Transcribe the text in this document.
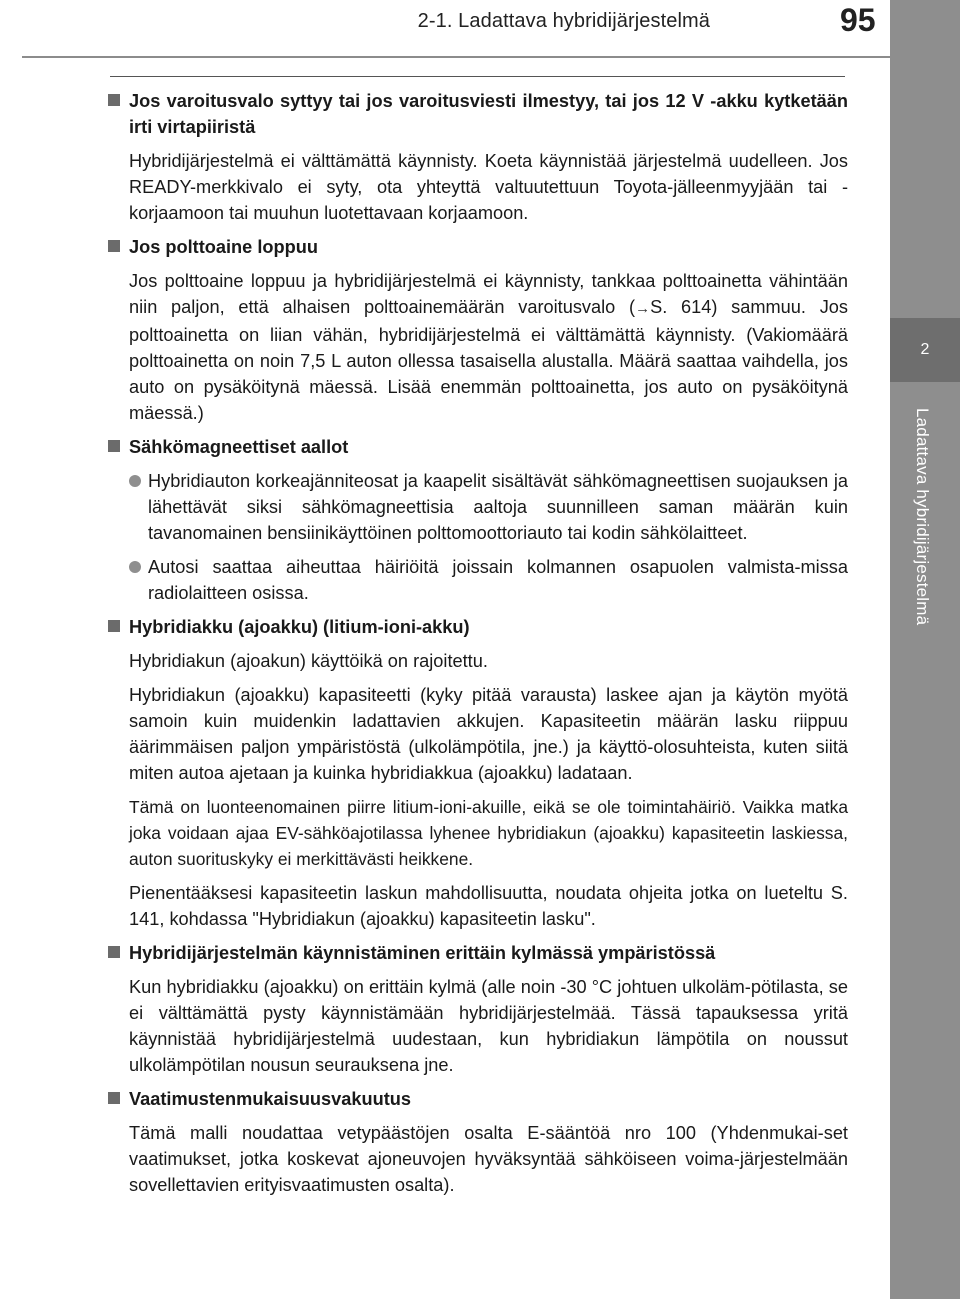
2-1. Ladattava hybridijärjestelmä	95
2
Ladattava hybridijärjestelmä
Jos varoitusvalo syttyy tai jos varoitusviesti ilmestyy, tai jos 12 V -akku kytketään irti virtapiiristä

Hybridijärjestelmä ei välttämättä käynnisty. Koeta käynnistää järjestelmä uudelleen. Jos READY-merkkivalo ei syty, ota yhteyttä valtuutettuun Toyota-jälleenmyyjään tai -korjaamoon tai muuhun luotettavaan korjaamoon.

Jos polttoaine loppuu

Jos polttoaine loppuu ja hybridijärjestelmä ei käynnisty, tankkaa polttoainetta vähintään niin paljon, että alhaisen polttoainemäärän varoitusvalo (→S. 614) sammuu. Jos polttoainetta on liian vähän, hybridijärjestelmä ei välttämättä käynnisty. (Vakiomäärä polttoainetta on noin 7,5 L auton ollessa tasaisella alustalla. Määrä saattaa vaihdella, jos auto on pysäköitynä mäessä. Lisää enemmän polttoainetta, jos auto on pysäköitynä mäessä.)

Sähkömagneettiset aallot
Hybridiauton korkeajänniteosat ja kaapelit sisältävät sähkömagneettisen suojauksen ja lähettävät siksi sähkömagneettisia aaltoja suunnilleen saman määrän kuin tavanomainen bensiinikäyttöinen polttomoottoriauto tai kodin sähkölaitteet.
Autosi saattaa aiheuttaa häiriöitä joissain kolmannen osapuolen valmista-missa radiolaitteen osissa.
Hybridiakku (ajoakku) (litium-ioni-akku)

Hybridiakun (ajoakun) käyttöikä on rajoitettu.

Hybridiakun (ajoakku) kapasiteetti (kyky pitää varausta) laskee ajan ja käytön myötä samoin kuin muidenkin ladattavien akkujen. Kapasiteetin määrän lasku riippuu äärimmäisen paljon ympäristöstä (ulkolämpötila, jne.) ja käyttö-olosuhteista, kuten siitä miten autoa ajetaan ja kuinka hybridiakkua (ajoakku) ladataan.

Tämä on luonteenomainen piirre litium-ioni-akuille, eikä se ole toimintahäiriö. Vaikka matka joka voidaan ajaa EV-sähköajotilassa lyhenee hybridiakun (ajoakku) kapasiteetin laskiessa, auton suorituskyky ei merkittävästi heikkene.

Pienentääksesi kapasiteetin laskun mahdollisuutta, noudata ohjeita jotka on lueteltu S. 141, kohdassa "Hybridiakun (ajoakku) kapasiteetin lasku".

Hybridijärjestelmän käynnistäminen erittäin kylmässä ympäristössä

Kun hybridiakku (ajoakku) on erittäin kylmä (alle noin -30 °C johtuen ulkoläm-pötilasta, se ei välttämättä pysty käynnistämään hybridijärjestelmää. Tässä tapauksessa yritä käynnistää hybridijärjestelmä uudestaan, kun hybridiakun lämpötila on noussut ulkolämpötilan nousun seurauksena jne.

Vaatimustenmukaisuusvakuutus

Tämä malli noudattaa vetypäästöjen osalta E-sääntöä nro 100 (Yhdenmukai-set vaatimukset, jotka koskevat ajoneuvojen hyväksyntää sähköiseen voima-järjestelmään sovellettavien erityisvaatimusten osalta).
